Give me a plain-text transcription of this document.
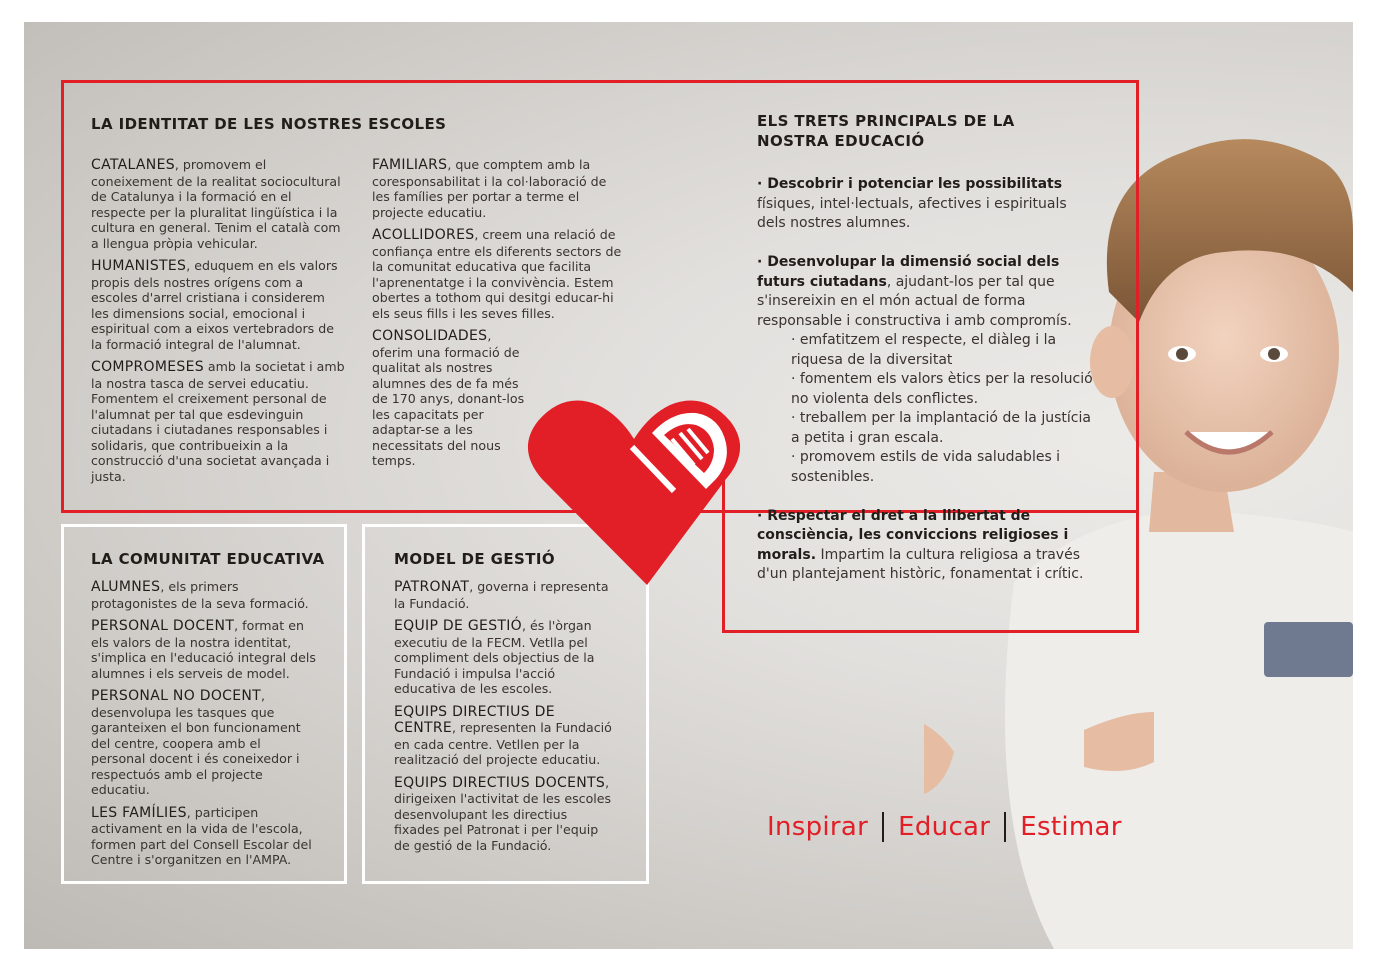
LA IDENTITAT DE LES NOSTRES ESCOLES

CATALANES, promovem el coneixement de la realitat sociocultural de Catalunya i la formació en el respecte per la pluralitat lingüística i la cultura en general. Tenim el català com a llengua pròpia vehicular.

HUMANISTES, eduquem en els valors propis dels nostres orígens com a escoles d'arrel cristiana i considerem les dimensions social, emocional i espiritual com a eixos vertebradors de la formació integral de l'alumnat.

COMPROMESES amb la societat i amb la nostra tasca de servei educatiu. Fomentem el creixement personal de l'alumnat per tal que esdevinguin ciutadans i ciutadanes responsables i solidaris, que contribueixin a la construcció d'una societat avançada i justa.

FAMILIARS, que comptem amb la coresponsabilitat i la col·laboració de les famílies per portar a terme el projecte educatiu.

ACOLLIDORES, creem una relació de confiança entre els diferents sectors de la comunitat educativa que facilita l'aprenentatge i la convivència. Estem obertes a tothom qui desitgi educar-hi els seus fills i les seves filles.

CONSOLIDADES, oferim una formació de qualitat als nostres alumnes des de fa més de 170 anys, donant-los les capacitats per adaptar-se a les necessitats del nous temps.

ELS TRETS PRINCIPALS DE LA
NOSTRA EDUCACIÓ

· Descobrir i potenciar les possibilitats físiques, intel·lectuals, afectives i espirituals dels nostres alumnes.

· Desenvolupar la dimensió social dels futurs ciutadans, ajudant-los per tal que s'insereixin en el món actual de forma responsable i constructiva i amb compromís.

· emfatitzem el respecte, el diàleg i la riquesa de la diversitat

· fomentem els valors ètics per la resolució no violenta dels conflictes.

· treballem per la implantació de la justícia a petita i gran escala.

· promovem estils de vida saludables i sostenibles.

· Respectar el dret a la llibertat de consciència, les conviccions religioses i morals. Impartim la cultura religiosa a través d'un plantejament històric, fonamentat i crític.

LA COMUNITAT EDUCATIVA

ALUMNES, els primers protagonistes de la seva formació.

PERSONAL DOCENT, format en els valors de la nostra identitat, s'implica en l'educació integral dels alumnes i els serveis de model.

PERSONAL NO DOCENT, desenvolupa les tasques que garanteixen el bon funcionament del centre, coopera amb el personal docent i és coneixedor i respectuós amb el projecte educatiu.

LES FAMÍLIES, participen activament en la vida de l'escola, formen part del Consell Escolar del Centre i s'organitzen en l'AMPA.

MODEL DE GESTIÓ

PATRONAT, governa i representa la Fundació.

EQUIP DE GESTIÓ, és l'òrgan executiu de la FECM. Vetlla pel compliment dels objectius de la Fundació i impulsa l'acció educativa de les escoles.

EQUIPS DIRECTIUS DE CENTRE, representen la Fundació en cada centre. Vetllen per la realització del projecte educatiu.

EQUIPS DIRECTIUS DOCENTS, dirigeixen l'activitat de les escoles desenvolupant les directius fixades pel Patronat i per l'equip de gestió de la Fundació.

Inspirar Educar Estimar
